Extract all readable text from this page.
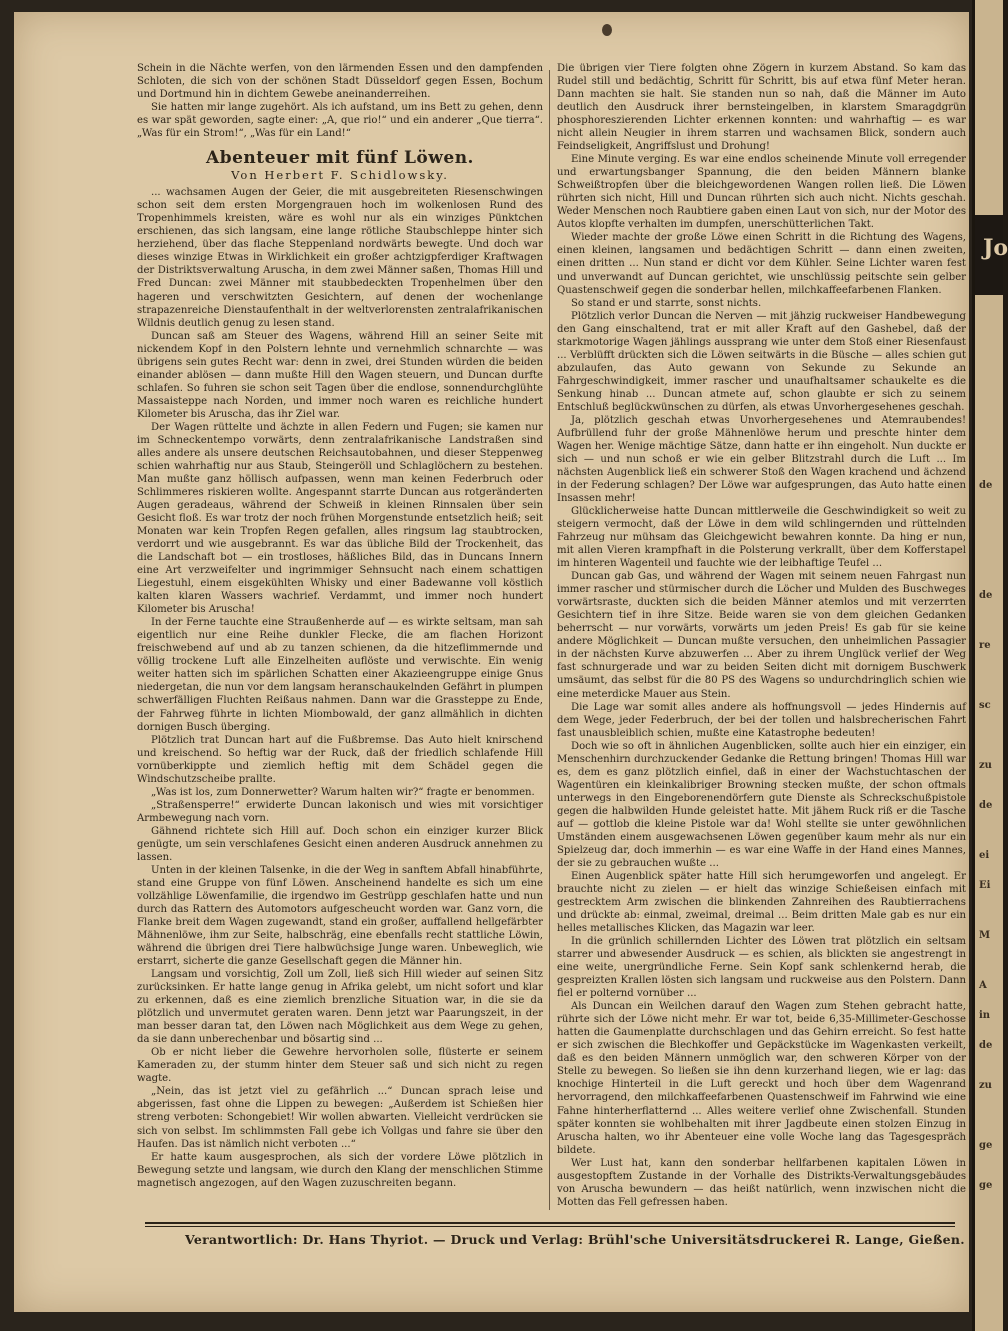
Jo
de
de
re
sc
zu
de
ei
Ei
M
A
in
de
zu
ge
ge

Schein in die Nächte werfen, von den lärmenden Essen und den dampfenden Schloten, die sich von der schönen Stadt Düsseldorf gegen Essen, Bochum und Dortmund hin in dichtem Gewebe aneinanderreihen.

Sie hatten mir lange zugehört. Als ich aufstand, um ins Bett zu gehen, denn es war spät geworden, sagte einer: „A, que rio!“ und ein anderer „Que tierra“. „Was für ein Strom!“, „Was für ein Land!“

Abenteuer mit fünf Löwen.
Von Herbert F. Schidlowsky.

... wachsamen Augen der Geier, die mit ausgebreiteten Riesenschwingen schon seit dem ersten Morgengrauen hoch im wolkenlosen Rund des Tropenhimmels kreisten, wäre es wohl nur als ein winziges Pünktchen erschienen, das sich langsam, eine lange rötliche Staubschleppe hinter sich herziehend, über das flache Steppenland nordwärts bewegte. Und doch war dieses winzige Etwas in Wirklichkeit ein großer achtzigpferdiger Kraftwagen der Distriktsverwaltung Aruscha, in dem zwei Männer saßen, Thomas Hill und Fred Duncan: zwei Männer mit staubbedeckten Tropenhelmen über den hageren und verschwitzten Gesichtern, auf denen der wochenlange strapazenreiche Dienstaufenthalt in der weltverlorensten zentralafrikanischen Wildnis deutlich genug zu lesen stand.

Duncan saß am Steuer des Wagens, während Hill an seiner Seite mit nickendem Kopf in den Polstern lehnte und vernehmlich schnarchte — was übrigens sein gutes Recht war: denn in zwei, drei Stunden würden die beiden einander ablösen — dann mußte Hill den Wagen steuern, und Duncan durfte schlafen. So fuhren sie schon seit Tagen über die endlose, sonnendurchglühte Massaisteppe nach Norden, und immer noch waren es reichliche hundert Kilometer bis Aruscha, das ihr Ziel war.

Der Wagen rüttelte und ächzte in allen Federn und Fugen; sie kamen nur im Schneckentempo vorwärts, denn zentralafrikanische Landstraßen sind alles andere als unsere deutschen Reichsautobahnen, und dieser Steppenweg schien wahrhaftig nur aus Staub, Steingeröll und Schlaglöchern zu bestehen. Man mußte ganz höllisch aufpassen, wenn man keinen Federbruch oder Schlimmeres riskieren wollte. Angespannt starrte Duncan aus rotgeränderten Augen geradeaus, während der Schweiß in kleinen Rinnsalen über sein Gesicht floß. Es war trotz der noch frühen Morgenstunde entsetzlich heiß; seit Monaten war kein Tropfen Regen gefallen, alles ringsum lag staubtrocken, verdorrt und wie ausgebrannt. Es war das übliche Bild der Trockenheit, das die Landschaft bot — ein trostloses, häßliches Bild, das in Duncans Innern eine Art verzweifelter und ingrimmiger Sehnsucht nach einem schattigen Liegestuhl, einem eisgekühlten Whisky und einer Badewanne voll köstlich kalten klaren Wassers wachrief. Verdammt, und immer noch hundert Kilometer bis Aruscha!

In der Ferne tauchte eine Straußenherde auf — es wirkte seltsam, man sah eigentlich nur eine Reihe dunkler Flecke, die am flachen Horizont freischwebend auf und ab zu tanzen schienen, da die hitzeflimmernde und völlig trockene Luft alle Einzelheiten auflöste und verwischte. Ein wenig weiter hatten sich im spärlichen Schatten einer Akazieengruppe einige Gnus niedergetan, die nun vor dem langsam heranschaukelnden Gefährt in plumpen schwerfälligen Fluchten Reißaus nahmen. Dann war die Grassteppe zu Ende, der Fahrweg führte in lichten Miombowald, der ganz allmählich in dichten dornigen Busch überging.

Plötzlich trat Duncan hart auf die Fußbremse. Das Auto hielt knirschend und kreischend. So heftig war der Ruck, daß der friedlich schlafende Hill vornüberkippte und ziemlich heftig mit dem Schädel gegen die Windschutzscheibe prallte.

„Was ist los, zum Donnerwetter? Warum halten wir?“ fragte er benommen.

„Straßensperre!“ erwiderte Duncan lakonisch und wies mit vorsichtiger Armbewegung nach vorn.

Gähnend richtete sich Hill auf. Doch schon ein einziger kurzer Blick genügte, um sein verschlafenes Gesicht einen anderen Ausdruck annehmen zu lassen.

Unten in der kleinen Talsenke, in die der Weg in sanftem Abfall hinabführte, stand eine Gruppe von fünf Löwen. Anscheinend handelte es sich um eine vollzählige Löwenfamilie, die irgendwo im Gestrüpp geschlafen hatte und nun durch das Rattern des Automotors aufgescheucht worden war. Ganz vorn, die Flanke breit dem Wagen zugewandt, stand ein großer, auffallend hellgefärbter Mähnenlöwe, ihm zur Seite, halbschräg, eine ebenfalls recht stattliche Löwin, während die übrigen drei Tiere halbwüchsige Junge waren. Unbeweglich, wie erstarrt, sicherte die ganze Gesellschaft gegen die Männer hin.

Langsam und vorsichtig, Zoll um Zoll, ließ sich Hill wieder auf seinen Sitz zurücksinken. Er hatte lange genug in Afrika gelebt, um nicht sofort und klar zu erkennen, daß es eine ziemlich brenzliche Situation war, in die sie da plötzlich und unvermutet geraten waren. Denn jetzt war Paarungszeit, in der man besser daran tat, den Löwen nach Möglichkeit aus dem Wege zu gehen, da sie dann unberechenbar und bösartig sind ...

Ob er nicht lieber die Gewehre hervorholen solle, flüsterte er seinem Kameraden zu, der stumm hinter dem Steuer saß und sich nicht zu regen wagte.

„Nein, das ist jetzt viel zu gefährlich ...“ Duncan sprach leise und abgerissen, fast ohne die Lippen zu bewegen: „Außerdem ist Schießen hier streng verboten: Schongebiet! Wir wollen abwarten. Vielleicht verdrücken sie sich von selbst. Im schlimmsten Fall gebe ich Vollgas und fahre sie über den Haufen. Das ist nämlich nicht verboten ...“

Er hatte kaum ausgesprochen, als sich der vordere Löwe plötzlich in Bewegung setzte und langsam, wie durch den Klang der menschlichen Stimme magnetisch angezogen, auf den Wagen zuzuschreiten begann.

Die übrigen vier Tiere folgten ohne Zögern in kurzem Abstand. So kam das Rudel still und bedächtig, Schritt für Schritt, bis auf etwa fünf Meter heran. Dann machten sie halt. Sie standen nun so nah, daß die Männer im Auto deutlich den Ausdruck ihrer bernsteingelben, in klarstem Smaragdgrün phosphoreszierenden Lichter erkennen konnten: und wahrhaftig — es war nicht allein Neugier in ihrem starren und wachsamen Blick, sondern auch Feindseligkeit, Angriffslust und Drohung!

Eine Minute verging. Es war eine endlos scheinende Minute voll erregender und erwartungsbanger Spannung, die den beiden Männern blanke Schweißtropfen über die bleichgewordenen Wangen rollen ließ. Die Löwen rührten sich nicht, Hill und Duncan rührten sich auch nicht. Nichts geschah. Weder Menschen noch Raubtiere gaben einen Laut von sich, nur der Motor des Autos klopfte verhalten im dumpfen, unerschütterlichen Takt.

Wieder machte der große Löwe einen Schritt in die Richtung des Wagens, einen kleinen, langsamen und bedächtigen Schritt — dann einen zweiten, einen dritten ... Nun stand er dicht vor dem Kühler. Seine Lichter waren fest und unverwandt auf Duncan gerichtet, wie unschlüssig peitschte sein gelber Quastenschweif gegen die sonderbar hellen, milchkaffeefarbenen Flanken.

So stand er und starrte, sonst nichts.

Plötzlich verlor Duncan die Nerven — mit jähzig ruckweiser Handbewegung den Gang einschaltend, trat er mit aller Kraft auf den Gashebel, daß der starkmotorige Wagen jählings aussprang wie unter dem Stoß einer Riesenfaust ... Verblüfft drückten sich die Löwen seitwärts in die Büsche — alles schien gut abzulaufen, das Auto gewann von Sekunde zu Sekunde an Fahrgeschwindigkeit, immer rascher und unaufhaltsamer schaukelte es die Senkung hinab ... Duncan atmete auf, schon glaubte er sich zu seinem Entschluß beglückwünschen zu dürfen, als etwas Unvorhergesehenes geschah.

Ja, plötzlich geschah etwas Unvorhergesehenes und Atemraubendes! Aufbrüllend fuhr der große Mähnenlöwe herum und preschte hinter dem Wagen her. Wenige mächtige Sätze, dann hatte er ihn eingeholt. Nun duckte er sich — und nun schoß er wie ein gelber Blitzstrahl durch die Luft ... Im nächsten Augenblick ließ ein schwerer Stoß den Wagen krachend und ächzend in der Federung schlagen? Der Löwe war aufgesprungen, das Auto hatte einen Insassen mehr!

Glücklicherweise hatte Duncan mittlerweile die Geschwindigkeit so weit zu steigern vermocht, daß der Löwe in dem wild schlingernden und rüttelnden Fahrzeug nur mühsam das Gleichgewicht bewahren konnte. Da hing er nun, mit allen Vieren krampfhaft in die Polsterung verkrallt, über dem Kofferstapel im hinteren Wagenteil und fauchte wie der leibhaftige Teufel ...

Duncan gab Gas, und während der Wagen mit seinem neuen Fahrgast nun immer rascher und stürmischer durch die Löcher und Mulden des Buschweges vorwärtsraste, duckten sich die beiden Männer atemlos und mit verzerrten Gesichtern tief in ihre Sitze. Beide waren sie von dem gleichen Gedanken beherrscht — nur vorwärts, vorwärts um jeden Preis! Es gab für sie keine andere Möglichkeit — Duncan mußte versuchen, den unheimlichen Passagier in der nächsten Kurve abzuwerfen ... Aber zu ihrem Unglück verlief der Weg fast schnurgerade und war zu beiden Seiten dicht mit dornigem Buschwerk umsäumt, das selbst für die 80 PS des Wagens so undurchdringlich schien wie eine meterdicke Mauer aus Stein.

Die Lage war somit alles andere als hoffnungsvoll — jedes Hindernis auf dem Wege, jeder Federbruch, der bei der tollen und halsbrecherischen Fahrt fast unausbleiblich schien, mußte eine Katastrophe bedeuten!

Doch wie so oft in ähnlichen Augenblicken, sollte auch hier ein einziger, ein Menschenhirn durchzuckender Gedanke die Rettung bringen! Thomas Hill war es, dem es ganz plötzlich einfiel, daß in einer der Wachstuchtaschen der Wagentüren ein kleinkalibriger Browning stecken mußte, der schon oftmals unterwegs in den Eingeborenendörfern gute Dienste als Schreckschußpistole gegen die halbwilden Hunde geleistet hatte. Mit jähem Ruck riß er die Tasche auf — gottlob die kleine Pistole war da! Wohl stellte sie unter gewöhnlichen Umständen einem ausgewachsenen Löwen gegenüber kaum mehr als nur ein Spielzeug dar, doch immerhin — es war eine Waffe in der Hand eines Mannes, der sie zu gebrauchen wußte ...

Einen Augenblick später hatte Hill sich herumgeworfen und angelegt. Er brauchte nicht zu zielen — er hielt das winzige Schießeisen einfach mit gestrecktem Arm zwischen die blinkenden Zahnreihen des Raubtierrachens und drückte ab: einmal, zweimal, dreimal ... Beim dritten Male gab es nur ein helles metallisches Klicken, das Magazin war leer.

In die grünlich schillernden Lichter des Löwen trat plötzlich ein seltsam starrer und abwesender Ausdruck — es schien, als blickten sie angestrengt in eine weite, unergründliche Ferne. Sein Kopf sank schlenkernd herab, die gespreizten Krallen lösten sich langsam und ruckweise aus den Polstern. Dann fiel er polternd vornüber ...

Als Duncan ein Weilchen darauf den Wagen zum Stehen gebracht hatte, rührte sich der Löwe nicht mehr. Er war tot, beide 6,35-Millimeter-Geschosse hatten die Gaumenplatte durchschlagen und das Gehirn erreicht. So fest hatte er sich zwischen die Blechkoffer und Gepäckstücke im Wagenkasten verkeilt, daß es den beiden Männern unmöglich war, den schweren Körper von der Stelle zu bewegen. So ließen sie ihn denn kurzerhand liegen, wie er lag: das knochige Hinterteil in die Luft gereckt und hoch über dem Wagenrand hervorragend, den milchkaffeefarbenen Quastenschweif im Fahrwind wie eine Fahne hinterherflatternd ... Alles weitere verlief ohne Zwischenfall. Stunden später konnten sie wohlbehalten mit ihrer Jagdbeute einen stolzen Einzug in Aruscha halten, wo ihr Abenteuer eine volle Woche lang das Tagesgespräch bildete.

Wer Lust hat, kann den sonderbar hellfarbenen kapitalen Löwen in ausgestopftem Zustande in der Vorhalle des Distrikts-Verwaltungsgebäudes von Aruscha bewundern — das heißt natürlich, wenn inzwischen nicht die Motten das Fell gefressen haben.

Verantwortlich: Dr. Hans Thyriot. — Druck und Verlag: Brühl'sche Universitätsdruckerei R. Lange, Gießen.
